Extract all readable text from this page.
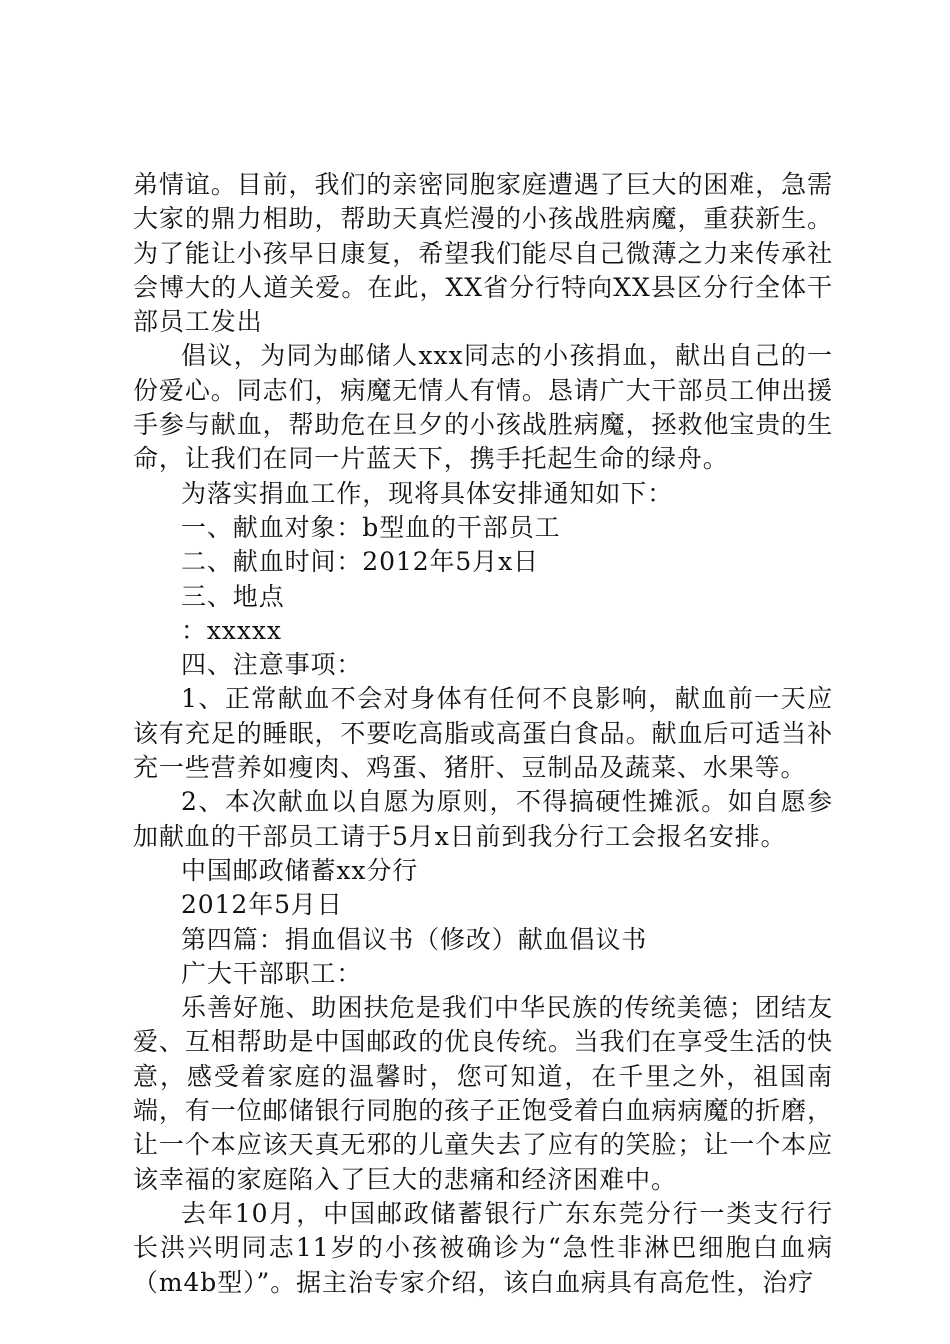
弟情谊。目前，我们的亲密同胞家庭遭遇了巨大的困难，急需大家的鼎力相助，帮助天真烂漫的小孩战胜病魔，重获新生。为了能让小孩早日康复，希望我们能尽自己微薄之力来传承社会博大的人道关爱。在此，XX省分行特向XX县区分行全体干部员工发出

倡议，为同为邮储人xxx同志的小孩捐血，献出自己的一份爱心。同志们，病魔无情人有情。恳请广大干部员工伸出援手参与献血，帮助危在旦夕的小孩战胜病魔，拯救他宝贵的生命，让我们在同一片蓝天下，携手托起生命的绿舟。

为落实捐血工作，现将具体安排通知如下：

一、献血对象：b型血的干部员工

二、献血时间：2012年5月x日

三、地点

：xxxxx

四、注意事项：

1、正常献血不会对身体有任何不良影响，献血前一天应该有充足的睡眠，不要吃高脂或高蛋白食品。献血后可适当补充一些营养如瘦肉、鸡蛋、猪肝、豆制品及蔬菜、水果等。

2、本次献血以自愿为原则，不得搞硬性摊派。如自愿参加献血的干部员工请于5月x日前到我分行工会报名安排。

中国邮政储蓄xx分行

2012年5月日

第四篇：捐血倡议书（修改）献血倡议书

广大干部职工：

乐善好施、助困扶危是我们中华民族的传统美德；团结友爱、互相帮助是中国邮政的优良传统。当我们在享受生活的快意，感受着家庭的温馨时，您可知道，在千里之外，祖国南端，有一位邮储银行同胞的孩子正饱受着白血病病魔的折磨，让一个本应该天真无邪的儿童失去了应有的笑脸；让一个本应该幸福的家庭陷入了巨大的悲痛和经济困难中。

去年10月，中国邮政储蓄银行广东东莞分行一类支行行长洪兴明同志11岁的小孩被确诊为“急性非淋巴细胞白血病（m4b型）”。据主治专家介绍，该白血病具有高危性，治疗
